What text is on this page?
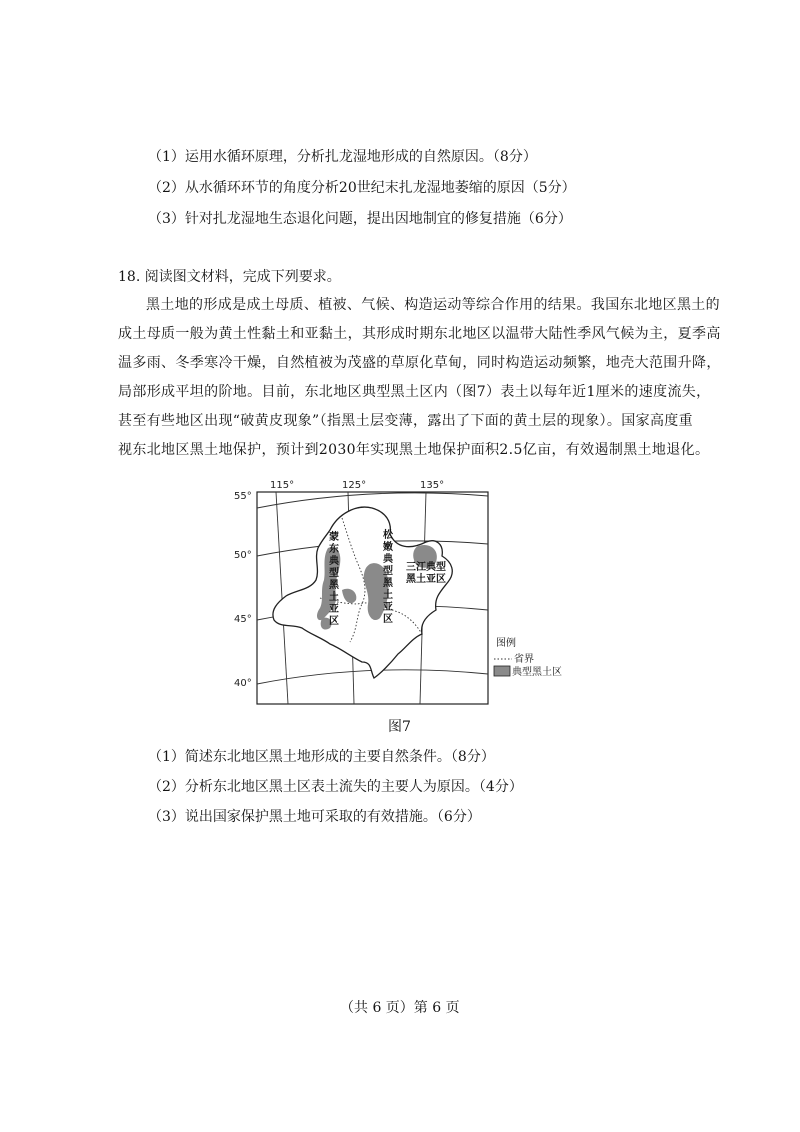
（1）运用水循环原理，分析扎龙湿地形成的自然原因。（8分）
（2）从水循环环节的角度分析20世纪末扎龙湿地萎缩的原因（5分）
（3）针对扎龙湿地生态退化问题，提出因地制宜的修复措施（6分）
18. 阅读图文材料，完成下列要求。
黑土地的形成是成土母质、植被、气候、构造运动等综合作用的结果。我国东北地区黑土的
成土母质一般为黄土性黏土和亚黏土，其形成时期东北地区以温带大陆性季风气候为主，夏季高
温多雨、冬季寒冷干燥，自然植被为茂盛的草原化草甸，同时构造运动频繁，地壳大范围升降，
局部形成平坦的阶地。目前，东北地区典型黑土区内（图7）表土以每年近1厘米的速度流失，
甚至有些地区出现“破黄皮现象”（指黑土层变薄，露出了下面的黄土层的现象）。国家高度重
视东北地区黑土地保护，预计到2030年实现黑土地保护面积2.5亿亩，有效遏制黑土地退化。
115°	125°	135°
55°
50°
45°
40°
蒙
东
典
型
黑
土
亚
区
松
嫩
典
型
黑
土
亚
区
三江典型
黑土亚区
图例
省界
典型黑土区
图7
（1）简述东北地区黑土地形成的主要自然条件。（8分）
（2）分析东北地区黑土区表土流失的主要人为原因。（4分）
（3）说出国家保护黑土地可采取的有效措施。（6分）
（共 6 页）第 6 页
